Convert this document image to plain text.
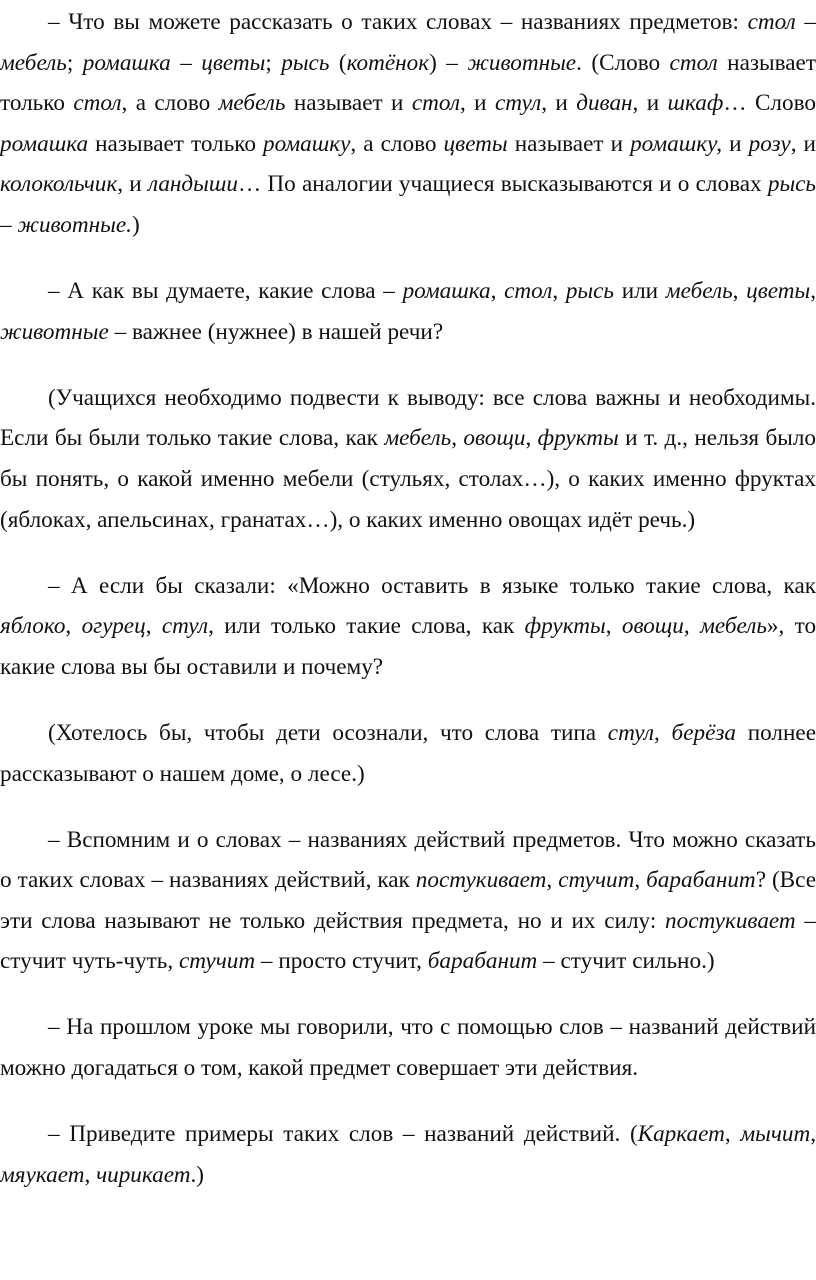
– Что вы можете рассказать о таких словах – названиях предметов: стол – мебель; ромашка – цветы; рысь (котёнок) – животные. (Слово стол называет только стол, а слово мебель называет и стол, и стул, и диван, и шкаф… Слово ромашка называет только ромашку, а слово цветы называет и ромашку, и розу, и колокольчик, и ландыши… По аналогии учащиеся высказываются и о словах рысь – животные.)

– А как вы думаете, какие слова – ромашка, стол, рысь или мебель, цветы, животные – важнее (нужнее) в нашей речи?

(Учащихся необходимо подвести к выводу: все слова важны и необходимы. Если бы были только такие слова, как мебель, овощи, фрукты и т. д., нельзя было бы понять, о какой именно мебели (стульях, столах…), о каких именно фруктах (яблоках, апельсинах, гранатах…), о каких именно овощах идёт речь.)

– А если бы сказали: «Можно оставить в языке только такие слова, как яблоко, огурец, стул, или только такие слова, как фрукты, овощи, мебель», то какие слова вы бы оставили и почему?

(Хотелось бы, чтобы дети осознали, что слова типа стул, берёза полнее рассказывают о нашем доме, о лесе.)

– Вспомним и о словах – названиях действий предметов. Что можно сказать о таких словах – названиях действий, как постукивает, стучит, барабанит? (Все эти слова называют не только действия предмета, но и их силу: постукивает – стучит чуть-чуть, стучит – просто стучит, барабанит – стучит сильно.)

– На прошлом уроке мы говорили, что с помощью слов – названий действий можно догадаться о том, какой предмет совершает эти действия.

– Приведите примеры таких слов – названий действий. (Каркает, мычит, мяукает, чирикает.)
